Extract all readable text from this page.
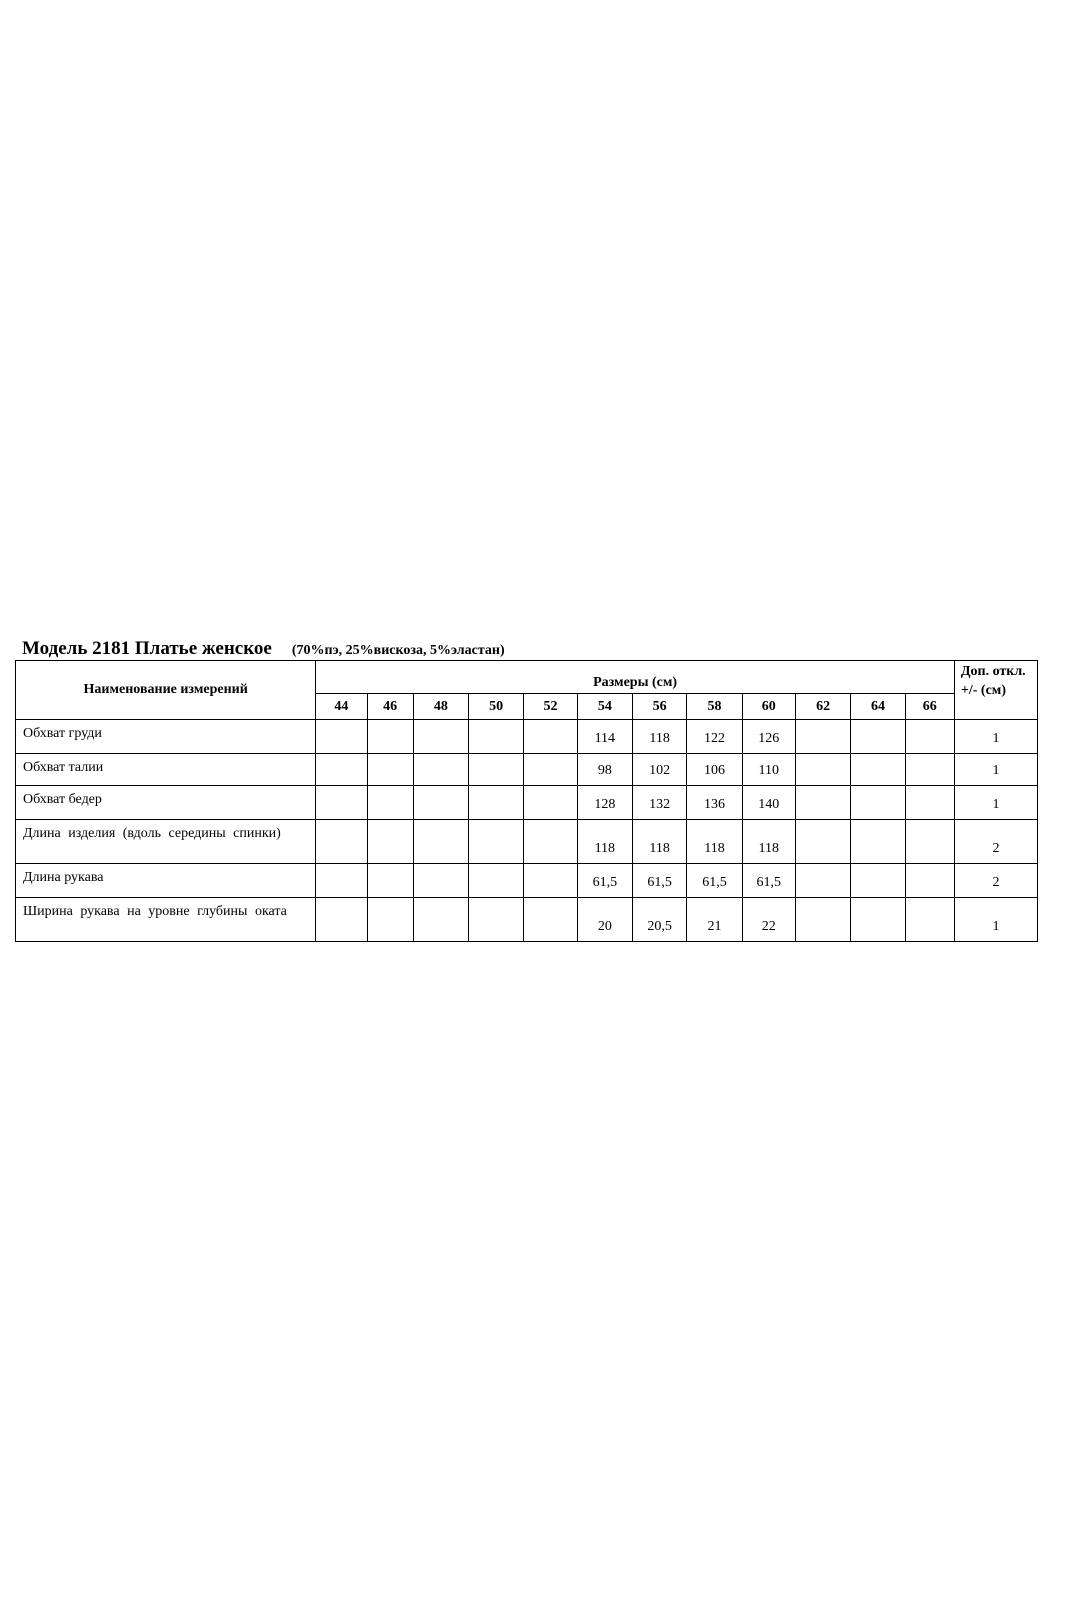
Модель 2181 Платье женское (70%пэ, 25%вискоза, 5%эластан)
Наименование измерений	Размеры (см)												Доп. откл. +/- (см)
	44	46	48	50	52	54	56	58	60	62	64	66	
Обхват груди						114	118	122	126				1
Обхват талии						98	102	106	110				1
Обхват бедер						128	132	136	140				1
Длина изделия (вдоль середины спинки)						118	118	118	118				2
Длина рукава						61,5	61,5	61,5	61,5				2
Ширина рукава на уровне глубины оката						20	20,5	21	22				1
